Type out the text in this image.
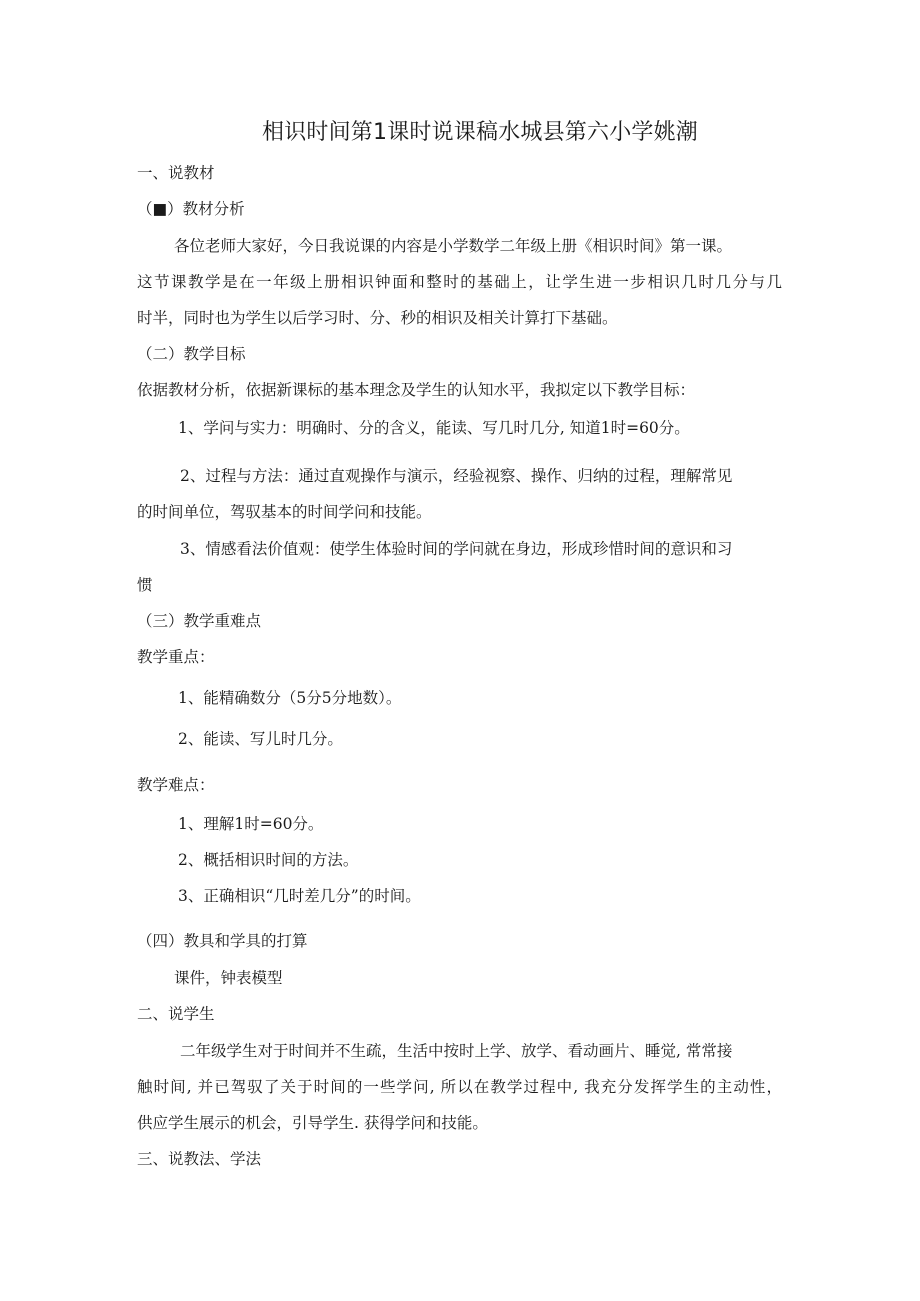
相识时间第1课时说课稿水城县第六小学姚潮
一、说教材
（■）教材分析
各位老师大家好，今日我说课的内容是小学数学二年级上册《相识时间》第一课。
这节课教学是在一年级上册相识钟面和整时的基础上，让学生进一步相识几时几分与几
时半，同时也为学生以后学习时、分、秒的相识及相关计算打下基础。
（二）教学目标
依据教材分析，依据新课标的基本理念及学生的认知水平，我拟定以下教学目标：
1、学问与实力：明确时、分的含义，能读、写几时几分, 知道1时=60分。
2、过程与方法：通过直观操作与演示，经验视察、操作、归纳的过程，理解常见
的时间单位，驾驭基本的时间学问和技能。
3、情感看法价值观：使学生体验时间的学问就在身边，形成珍惜时间的意识和习
惯
（三）教学重难点
教学重点：
1、能精确数分（5分5分地数）。
2、能读、写儿时几分。
教学难点：
1、理解1时=60分。
2、概括相识时间的方法。
3、正确相识“几时差几分”的时间。
（四）教具和学具的打算
课件，钟表模型
二、说学生
二年级学生对于时间并不生疏，生活中按时上学、放学、看动画片、睡觉, 常常接
触时间, 并已驾驭了关于时间的一些学问, 所以在教学过程中, 我充分发挥学生的主动性，
供应学生展示的机会，引导学生. 获得学问和技能。
三、说教法、学法
